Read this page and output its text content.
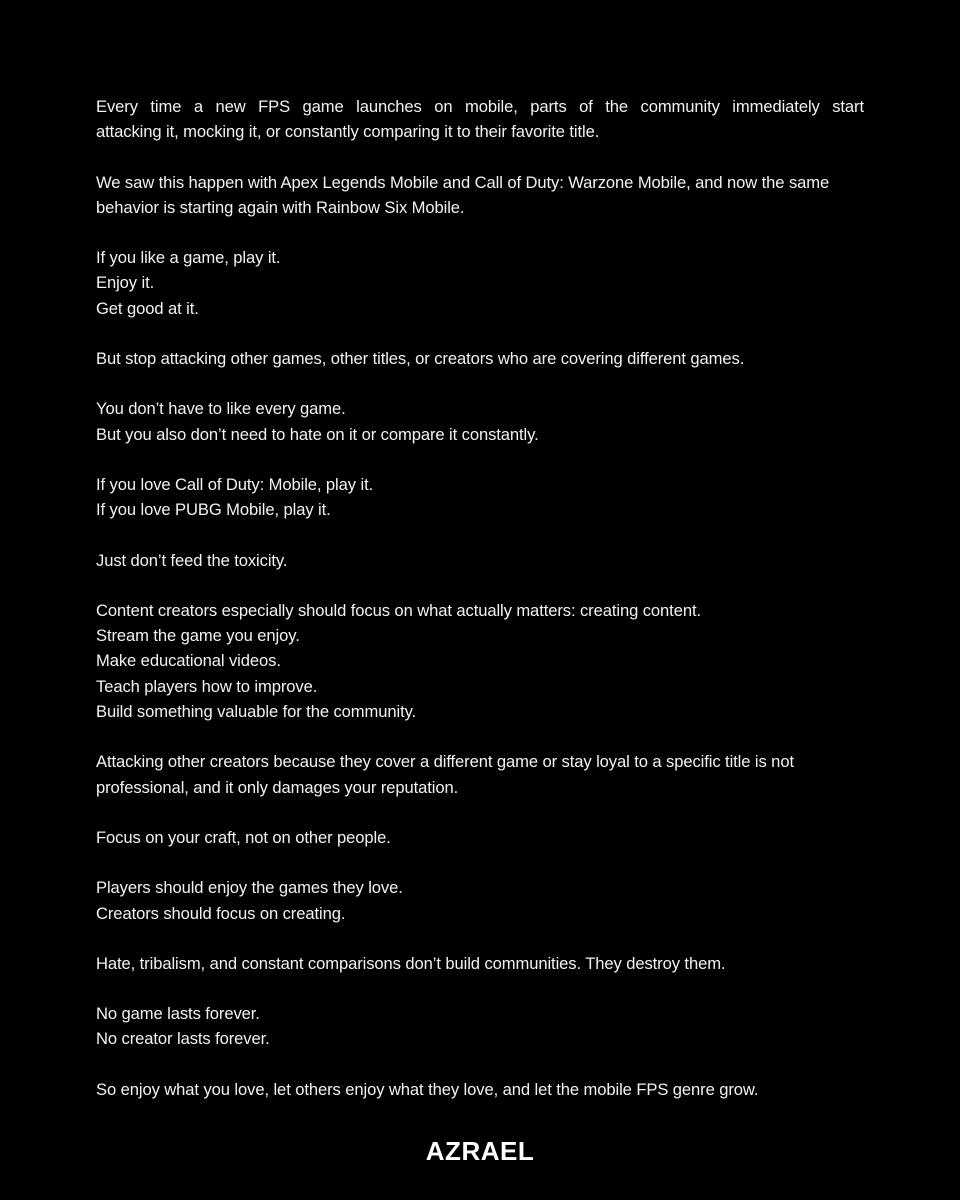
Every time a new FPS game launches on mobile, parts of the community immediately start
attacking it, mocking it, or constantly comparing it to their favorite title.

We saw this happen with Apex Legends Mobile and Call of Duty: Warzone Mobile, and now the same
behavior is starting again with Rainbow Six Mobile.

If you like a game, play it.
Enjoy it.
Get good at it.

But stop attacking other games, other titles, or creators who are covering different games.

You don’t have to like every game.
But you also don’t need to hate on it or compare it constantly.

If you love Call of Duty: Mobile, play it.
If you love PUBG Mobile, play it.

Just don’t feed the toxicity.

Content creators especially should focus on what actually matters: creating content.
Stream the game you enjoy.
Make educational videos.
Teach players how to improve.
Build something valuable for the community.

Attacking other creators because they cover a different game or stay loyal to a specific title is not
professional, and it only damages your reputation.

Focus on your craft, not on other people.

Players should enjoy the games they love.
Creators should focus on creating.

Hate, tribalism, and constant comparisons don’t build communities. They destroy them.

No game lasts forever.
No creator lasts forever.

So enjoy what you love, let others enjoy what they love, and let the mobile FPS genre grow.

AZRAEL
